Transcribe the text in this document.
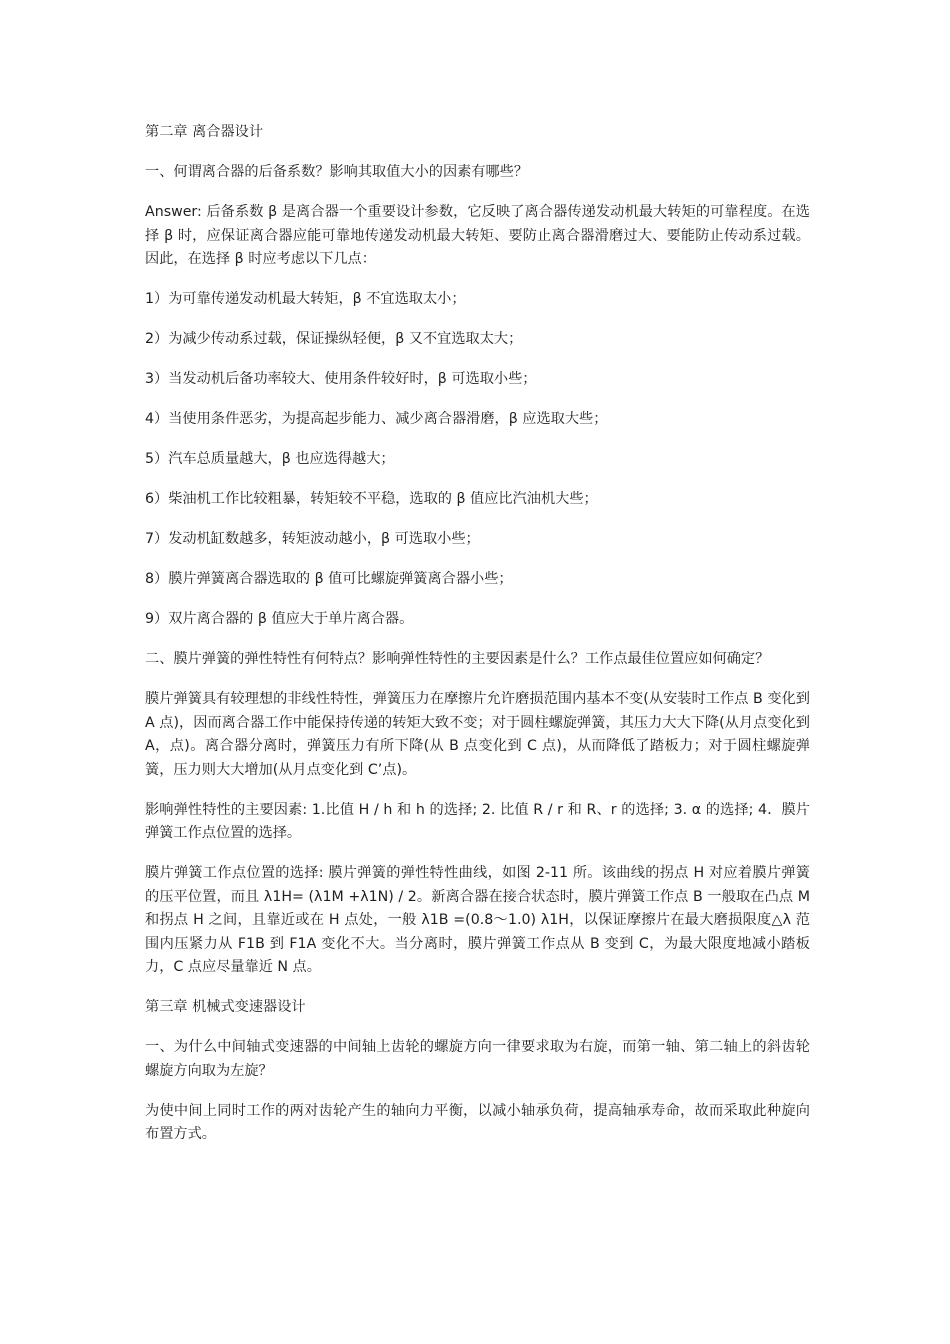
第二章 离合器设计

一、何谓离合器的后备系数？影响其取值大小的因素有哪些？

Answer: 后备系数 β 是离合器一个重要设计参数，它反映了离合器传递发动机最大转矩的可靠程度。在选择 β 时，应保证离合器应能可靠地传递发动机最大转矩、要防止离合器滑磨过大、要能防止传动系过载。因此，在选择 β 时应考虑以下几点：

1）为可靠传递发动机最大转矩，β 不宜选取太小；

2）为减少传动系过载，保证操纵轻便，β 又不宜选取太大；

3）当发动机后备功率较大、使用条件较好时，β 可选取小些；

4）当使用条件恶劣，为提高起步能力、减少离合器滑磨，β 应选取大些；

5）汽车总质量越大，β 也应选得越大；

6）柴油机工作比较粗暴，转矩较不平稳，选取的 β 值应比汽油机大些；

7）发动机缸数越多，转矩波动越小，β 可选取小些；

8）膜片弹簧离合器选取的 β 值可比螺旋弹簧离合器小些；

9）双片离合器的 β 值应大于单片离合器。

二、膜片弹簧的弹性特性有何特点？影响弹性特性的主要因素是什么？工作点最佳位置应如何确定？

膜片弹簧具有较理想的非线性特性，弹簧压力在摩擦片允许磨损范围内基本不变(从安装时工作点 B 变化到 A 点)，因而离合器工作中能保持传递的转矩大致不变；对于圆柱螺旋弹簧，其压力大大下降(从月点变化到 A，点)。离合器分离时，弹簧压力有所下降(从 B 点变化到 C 点)，从而降低了踏板力；对于圆柱螺旋弹簧，压力则大大增加(从月点变化到 C’点)。

影响弹性特性的主要因素: 1.比值 H / h 和 h 的选择; 2. 比值 R / r 和 R、r 的选择; 3. α 的选择; 4．膜片弹簧工作点位置的选择。

膜片弹簧工作点位置的选择: 膜片弹簧的弹性特性曲线，如图 2-11 所。该曲线的拐点 H 对应着膜片弹簧的压平位置，而且 λ1H= (λ1M +λ1N) / 2。新离合器在接合状态时，膜片弹簧工作点 B 一般取在凸点 M 和拐点 H 之间，且靠近或在 H 点处，一般 λ1B =(0.8～1.0) λ1H，以保证摩擦片在最大磨损限度△λ 范围内压紧力从 F1B 到 F1A 变化不大。当分离时，膜片弹簧工作点从 B 变到 C，为最大限度地减小踏板力，C 点应尽量靠近 N 点。

第三章 机械式变速器设计

一、为什么中间轴式变速器的中间轴上齿轮的螺旋方向一律要求取为右旋，而第一轴、第二轴上的斜齿轮螺旋方向取为左旋？

为使中间上同时工作的两对齿轮产生的轴向力平衡，以减小轴承负荷，提高轴承寿命，故而采取此种旋向布置方式。
